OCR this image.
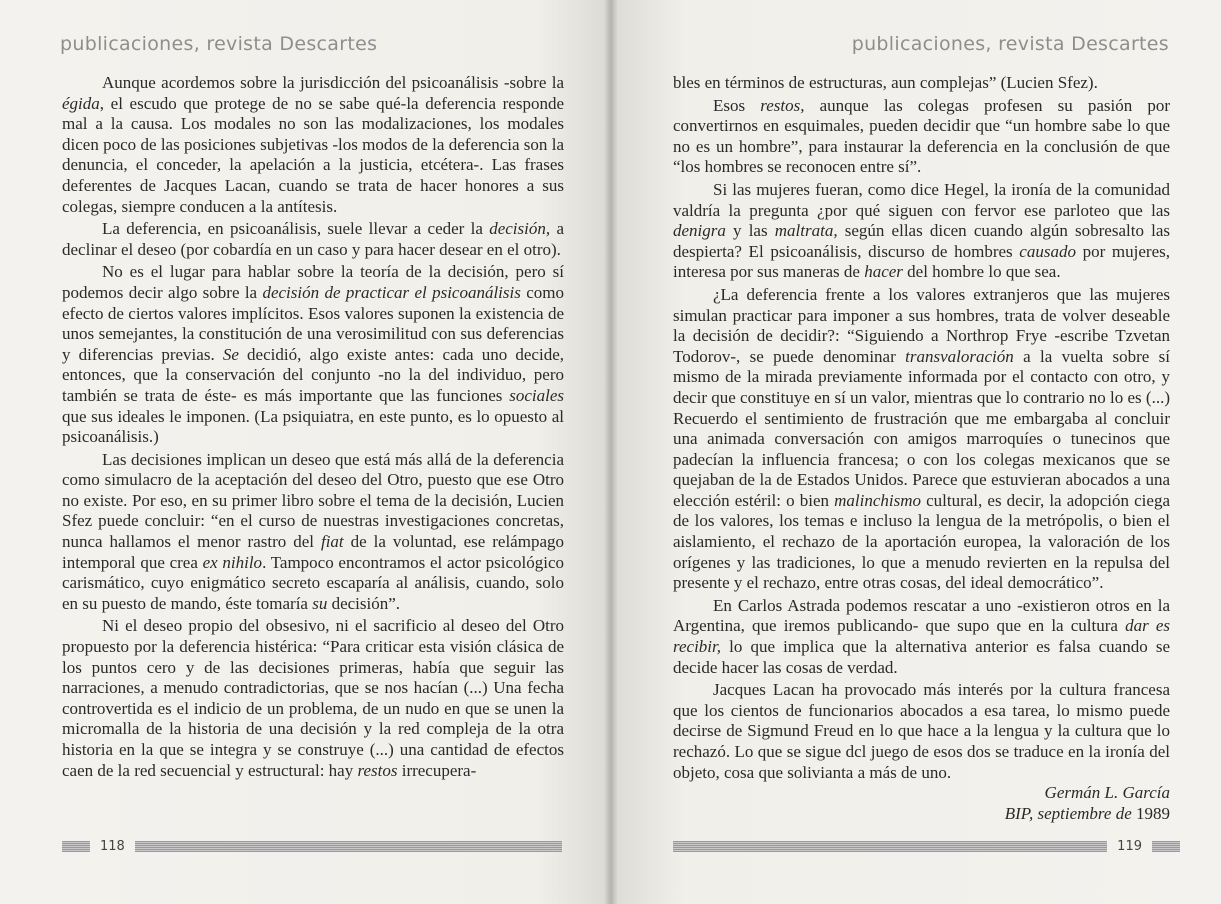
publicaciones, revista Descartes

Aunque acordemos sobre la jurisdicción del psicoanálisis -sobre la égida, el escudo que protege de no se sabe qué-la deferencia responde mal a la causa. Los modales no son las modalizaciones, los modales dicen poco de las posiciones subjetivas -los modos de la deferencia son la denuncia, el conceder, la apelación a la justicia, etcétera-. Las frases deferentes de Jacques Lacan, cuando se trata de hacer honores a sus colegas, siempre conducen a la antítesis.

La deferencia, en psicoanálisis, suele llevar a ceder la decisión, a declinar el deseo (por cobardía en un caso y para hacer desear en el otro).

No es el lugar para hablar sobre la teoría de la decisión, pero sí podemos decir algo sobre la decisión de practicar el psicoanálisis como efecto de ciertos valores implícitos. Esos valores suponen la existencia de unos semejantes, la constitución de una verosimilitud con sus deferencias y diferencias previas. Se decidió, algo existe antes: cada uno decide, entonces, que la conservación del conjunto -no la del individuo, pero también se trata de éste- es más importante que las funciones sociales que sus ideales le imponen. (La psiquiatra, en este punto, es lo opuesto al psicoanálisis.)

Las decisiones implican un deseo que está más allá de la deferencia como simulacro de la aceptación del deseo del Otro, puesto que ese Otro no existe. Por eso, en su primer libro sobre el tema de la decisión, Lucien Sfez puede concluir: “en el curso de nuestras investigaciones concretas, nunca hallamos el menor rastro del fiat de la voluntad, ese relámpago intemporal que crea ex nihilo. Tampoco encontramos el actor psicológico carismático, cuyo enigmático secreto escaparía al análisis, cuando, solo en su puesto de mando, éste tomaría su decisión”.

Ni el deseo propio del obsesivo, ni el sacrificio al deseo del Otro propuesto por la deferencia histérica: “Para criticar esta visión clásica de los puntos cero y de las decisiones primeras, había que seguir las narraciones, a menudo contradictorias, que se nos hacían (...) Una fecha controvertida es el indicio de un problema, de un nudo en que se unen la micromalla de la historia de una decisión y la red compleja de la otra historia en la que se integra y se construye (...) una cantidad de efectos caen de la red secuencial y estructural: hay restos irrecupera-

118
publicaciones, revista Descartes

bles en términos de estructuras, aun complejas” (Lucien Sfez).

Esos restos, aunque las colegas profesen su pasión por convertirnos en esquimales, pueden decidir que “un hombre sabe lo que no es un hombre”, para instaurar la deferencia en la conclusión de que “los hombres se reconocen entre sí”.

Si las mujeres fueran, como dice Hegel, la ironía de la comunidad valdría la pregunta ¿por qué siguen con fervor ese parloteo que las denigra y las maltrata, según ellas dicen cuando algún sobresalto las despierta? El psicoanálisis, discurso de hombres causado por mujeres, interesa por sus maneras de hacer del hombre lo que sea.

¿La deferencia frente a los valores extranjeros que las mujeres simulan practicar para imponer a sus hombres, trata de volver deseable la decisión de decidir?: “Siguiendo a Northrop Frye -escribe Tzvetan Todorov-, se puede denominar transvaloración a la vuelta sobre sí mismo de la mirada previamente informada por el contacto con otro, y decir que constituye en sí un valor, mientras que lo contrario no lo es (...) Recuerdo el sentimiento de frustración que me embargaba al concluir una animada conversación con amigos marroquíes o tunecinos que padecían la influencia francesa; o con los colegas mexicanos que se quejaban de la de Estados Unidos. Parece que estuvieran abocados a una elección estéril: o bien malinchismo cultural, es decir, la adopción ciega de los valores, los temas e incluso la lengua de la metrópolis, o bien el aislamiento, el rechazo de la aportación europea, la valoración de los orígenes y las tradiciones, lo que a menudo revierten en la repulsa del presente y el rechazo, entre otras cosas, del ideal democrático”.

En Carlos Astrada podemos rescatar a uno -existieron otros en la Argentina, que iremos publicando- que supo que en la cultura dar es recibir, lo que implica que la alternativa anterior es falsa cuando se decide hacer las cosas de verdad.

Jacques Lacan ha provocado más interés por la cultura francesa que los cientos de funcionarios abocados a esa tarea, lo mismo puede decirse de Sigmund Freud en lo que hace a la lengua y la cultura que lo rechazó. Lo que se sigue dcl juego de esos dos se traduce en la ironía del objeto, cosa que solivianta a más de uno.

Germán L. García
BIP, septiembre de 1989
119
